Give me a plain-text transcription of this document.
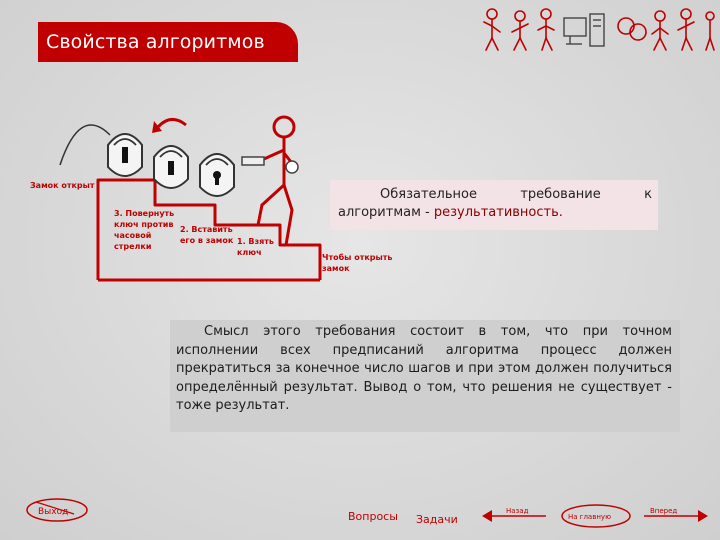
Свойства алгоритмов
Замок открыт
3. Повернуть
ключ против
часовой
стрелки
2. Вставить
его в замок 1. Взять
ключ
Чтобы открыть
замок
Обязательное	требование	к
алгоритмам - результативность.
Смысл этого требования состоит в том, что при точном исполнении всех предписаний алгоритма процесс должен прекратиться за конечное число шагов и при этом должен получиться определённый результат. Вывод о том, что решения не существует - тоже результат.
Выход	Вопросы Задачи
Назад
На главную
Вперед
